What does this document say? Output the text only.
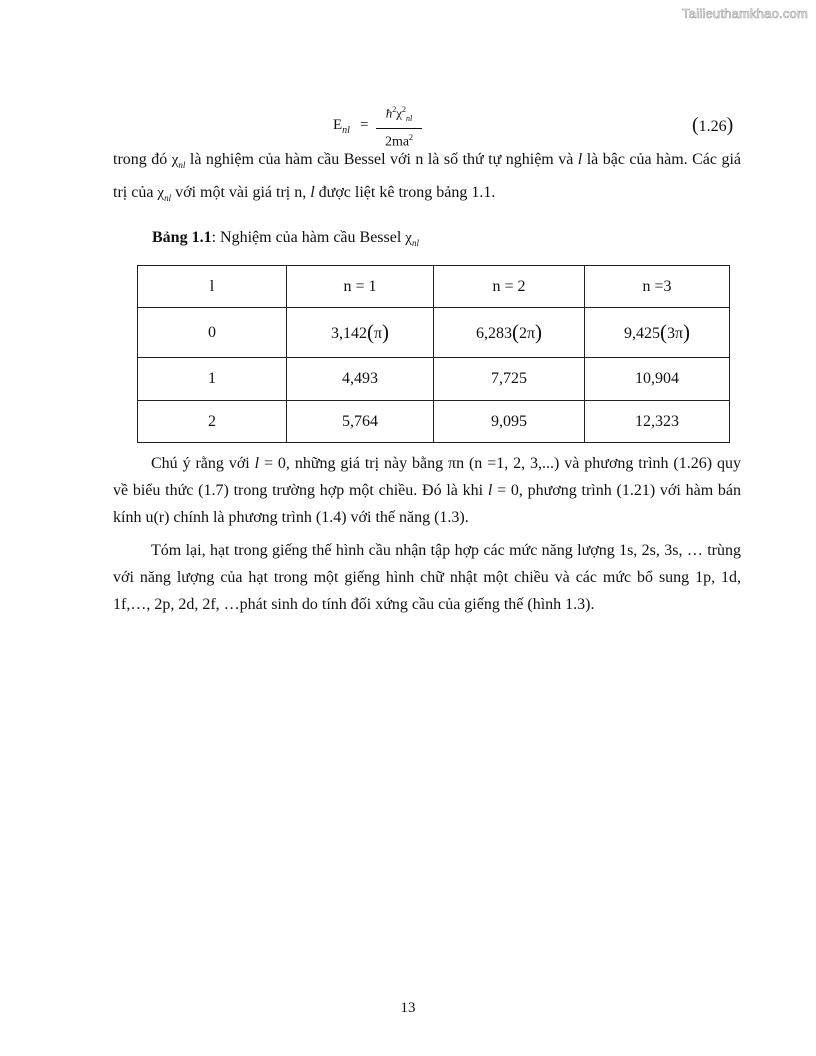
Tailieuthamkhao.com
$E_{nl} = \frac{ħ^2\chi^2_{nl}}{2ma^2}$	(1.26)

trong đó $\chi_{nl}$ là nghiệm của hàm cầu Bessel với n là số thứ tự nghiệm và l là bậc của hàm. Các giá trị của $\chi_{nl}$ với một vài giá trị n, l được liệt kê trong bảng 1.1.

Bảng 1.1: Nghiệm của hàm cầu Bessel $\chi_{nl}$
l	n = 1	n = 2	n =3
0	3,142(π)	6,283(2π)	9,425(3π)
1	4,493	7,725	10,904
2	5,764	9,095	12,323

Chú ý rằng với l = 0, những giá trị này bằng πn (n =1, 2, 3,...) và phương trình (1.26) quy về biểu thức (1.7) trong trường hợp một chiều. Đó là khi l = 0, phương trình (1.21) với hàm bán kính u(r) chính là phương trình (1.4) với thế năng (1.3).

Tóm lại, hạt trong giếng thế hình cầu nhận tập hợp các mức năng lượng 1s, 2s, 3s, … trùng với năng lượng của hạt trong một giếng hình chữ nhật một chiều và các mức bổ sung 1p, 1d, 1f,…, 2p, 2d, 2f, …phát sinh do tính đối xứng cầu của giếng thế (hình 1.3).

13
